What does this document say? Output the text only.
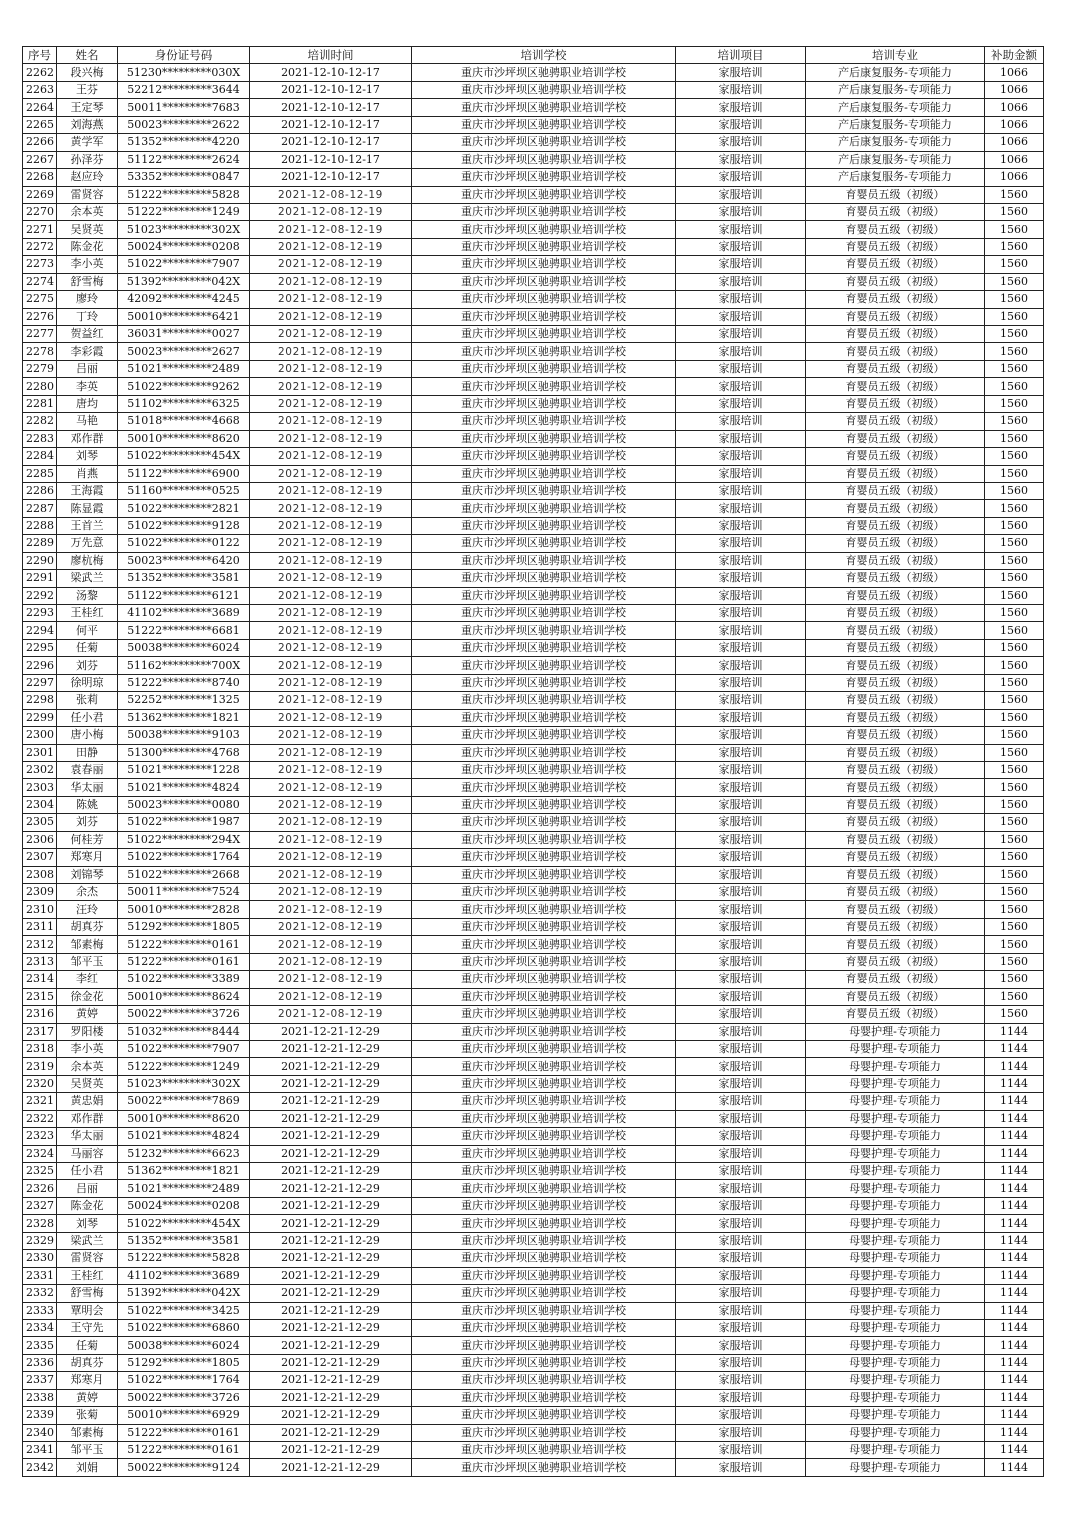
序号	姓名	身份证号码	培训时间	培训学校	培训项目	培训专业	补助金额
2262	段兴梅	51230*********030X	2021-12-10-12-17	重庆市沙坪坝区驰骋职业培训学校	家服培训	产后康复服务-专项能力	1066
2263	王芬	52212*********3644	2021-12-10-12-17	重庆市沙坪坝区驰骋职业培训学校	家服培训	产后康复服务-专项能力	1066
2264	王定琴	50011*********7683	2021-12-10-12-17	重庆市沙坪坝区驰骋职业培训学校	家服培训	产后康复服务-专项能力	1066
2265	刘海燕	50023*********2622	2021-12-10-12-17	重庆市沙坪坝区驰骋职业培训学校	家服培训	产后康复服务-专项能力	1066
2266	黄学军	51352*********4220	2021-12-10-12-17	重庆市沙坪坝区驰骋职业培训学校	家服培训	产后康复服务-专项能力	1066
2267	孙泽芬	51122*********2624	2021-12-10-12-17	重庆市沙坪坝区驰骋职业培训学校	家服培训	产后康复服务-专项能力	1066
2268	赵应玲	53352*********0847	2021-12-10-12-17	重庆市沙坪坝区驰骋职业培训学校	家服培训	产后康复服务-专项能力	1066
2269	雷贤容	51222*********5828	2021-12-08-12-19	重庆市沙坪坝区驰骋职业培训学校	家服培训	育婴员五级（初级）	1560
2270	余本英	51222*********1249	2021-12-08-12-19	重庆市沙坪坝区驰骋职业培训学校	家服培训	育婴员五级（初级）	1560
2271	吴贤英	51023*********302X	2021-12-08-12-19	重庆市沙坪坝区驰骋职业培训学校	家服培训	育婴员五级（初级）	1560
2272	陈金花	50024*********0208	2021-12-08-12-19	重庆市沙坪坝区驰骋职业培训学校	家服培训	育婴员五级（初级）	1560
2273	李小英	51022*********7907	2021-12-08-12-19	重庆市沙坪坝区驰骋职业培训学校	家服培训	育婴员五级（初级）	1560
2274	舒雪梅	51392*********042X	2021-12-08-12-19	重庆市沙坪坝区驰骋职业培训学校	家服培训	育婴员五级（初级）	1560
2275	廖玲	42092*********4245	2021-12-08-12-19	重庆市沙坪坝区驰骋职业培训学校	家服培训	育婴员五级（初级）	1560
2276	丁玲	50010*********6421	2021-12-08-12-19	重庆市沙坪坝区驰骋职业培训学校	家服培训	育婴员五级（初级）	1560
2277	贺益红	36031*********0027	2021-12-08-12-19	重庆市沙坪坝区驰骋职业培训学校	家服培训	育婴员五级（初级）	1560
2278	李彩霞	50023*********2627	2021-12-08-12-19	重庆市沙坪坝区驰骋职业培训学校	家服培训	育婴员五级（初级）	1560
2279	吕丽	51021*********2489	2021-12-08-12-19	重庆市沙坪坝区驰骋职业培训学校	家服培训	育婴员五级（初级）	1560
2280	李英	51022*********9262	2021-12-08-12-19	重庆市沙坪坝区驰骋职业培训学校	家服培训	育婴员五级（初级）	1560
2281	唐均	51102*********6325	2021-12-08-12-19	重庆市沙坪坝区驰骋职业培训学校	家服培训	育婴员五级（初级）	1560
2282	马艳	51018*********4668	2021-12-08-12-19	重庆市沙坪坝区驰骋职业培训学校	家服培训	育婴员五级（初级）	1560
2283	邓作群	50010*********8620	2021-12-08-12-19	重庆市沙坪坝区驰骋职业培训学校	家服培训	育婴员五级（初级）	1560
2284	刘琴	51022*********454X	2021-12-08-12-19	重庆市沙坪坝区驰骋职业培训学校	家服培训	育婴员五级（初级）	1560
2285	肖燕	51122*********6900	2021-12-08-12-19	重庆市沙坪坝区驰骋职业培训学校	家服培训	育婴员五级（初级）	1560
2286	王海霞	51160*********0525	2021-12-08-12-19	重庆市沙坪坝区驰骋职业培训学校	家服培训	育婴员五级（初级）	1560
2287	陈显霞	51022*********2821	2021-12-08-12-19	重庆市沙坪坝区驰骋职业培训学校	家服培训	育婴员五级（初级）	1560
2288	王首兰	51022*********9128	2021-12-08-12-19	重庆市沙坪坝区驰骋职业培训学校	家服培训	育婴员五级（初级）	1560
2289	万先意	51022*********0122	2021-12-08-12-19	重庆市沙坪坝区驰骋职业培训学校	家服培训	育婴员五级（初级）	1560
2290	廖杭梅	50023*********6420	2021-12-08-12-19	重庆市沙坪坝区驰骋职业培训学校	家服培训	育婴员五级（初级）	1560
2291	梁武兰	51352*********3581	2021-12-08-12-19	重庆市沙坪坝区驰骋职业培训学校	家服培训	育婴员五级（初级）	1560
2292	汤黎	51122*********6121	2021-12-08-12-19	重庆市沙坪坝区驰骋职业培训学校	家服培训	育婴员五级（初级）	1560
2293	王桂红	41102*********3689	2021-12-08-12-19	重庆市沙坪坝区驰骋职业培训学校	家服培训	育婴员五级（初级）	1560
2294	何平	51222*********6681	2021-12-08-12-19	重庆市沙坪坝区驰骋职业培训学校	家服培训	育婴员五级（初级）	1560
2295	任菊	50038*********6024	2021-12-08-12-19	重庆市沙坪坝区驰骋职业培训学校	家服培训	育婴员五级（初级）	1560
2296	刘芬	51162*********700X	2021-12-08-12-19	重庆市沙坪坝区驰骋职业培训学校	家服培训	育婴员五级（初级）	1560
2297	徐明琼	51222*********8740	2021-12-08-12-19	重庆市沙坪坝区驰骋职业培训学校	家服培训	育婴员五级（初级）	1560
2298	张莉	52252*********1325	2021-12-08-12-19	重庆市沙坪坝区驰骋职业培训学校	家服培训	育婴员五级（初级）	1560
2299	任小君	51362*********1821	2021-12-08-12-19	重庆市沙坪坝区驰骋职业培训学校	家服培训	育婴员五级（初级）	1560
2300	唐小梅	50038*********9103	2021-12-08-12-19	重庆市沙坪坝区驰骋职业培训学校	家服培训	育婴员五级（初级）	1560
2301	田静	51300*********4768	2021-12-08-12-19	重庆市沙坪坝区驰骋职业培训学校	家服培训	育婴员五级（初级）	1560
2302	袁春丽	51021*********1228	2021-12-08-12-19	重庆市沙坪坝区驰骋职业培训学校	家服培训	育婴员五级（初级）	1560
2303	华太丽	51021*********4824	2021-12-08-12-19	重庆市沙坪坝区驰骋职业培训学校	家服培训	育婴员五级（初级）	1560
2304	陈姚	50023*********0080	2021-12-08-12-19	重庆市沙坪坝区驰骋职业培训学校	家服培训	育婴员五级（初级）	1560
2305	刘芬	51022*********1987	2021-12-08-12-19	重庆市沙坪坝区驰骋职业培训学校	家服培训	育婴员五级（初级）	1560
2306	何桂芳	51022*********294X	2021-12-08-12-19	重庆市沙坪坝区驰骋职业培训学校	家服培训	育婴员五级（初级）	1560
2307	郑寒月	51022*********1764	2021-12-08-12-19	重庆市沙坪坝区驰骋职业培训学校	家服培训	育婴员五级（初级）	1560
2308	刘锦琴	51022*********2668	2021-12-08-12-19	重庆市沙坪坝区驰骋职业培训学校	家服培训	育婴员五级（初级）	1560
2309	余杰	50011*********7524	2021-12-08-12-19	重庆市沙坪坝区驰骋职业培训学校	家服培训	育婴员五级（初级）	1560
2310	汪玲	50010*********2828	2021-12-08-12-19	重庆市沙坪坝区驰骋职业培训学校	家服培训	育婴员五级（初级）	1560
2311	胡真芬	51292*********1805	2021-12-08-12-19	重庆市沙坪坝区驰骋职业培训学校	家服培训	育婴员五级（初级）	1560
2312	邹素梅	51222*********0161	2021-12-08-12-19	重庆市沙坪坝区驰骋职业培训学校	家服培训	育婴员五级（初级）	1560
2313	邹平玉	51222*********0161	2021-12-08-12-19	重庆市沙坪坝区驰骋职业培训学校	家服培训	育婴员五级（初级）	1560
2314	李红	51022*********3389	2021-12-08-12-19	重庆市沙坪坝区驰骋职业培训学校	家服培训	育婴员五级（初级）	1560
2315	徐金花	50010*********8624	2021-12-08-12-19	重庆市沙坪坝区驰骋职业培训学校	家服培训	育婴员五级（初级）	1560
2316	黄婷	50022*********3726	2021-12-08-12-19	重庆市沙坪坝区驰骋职业培训学校	家服培训	育婴员五级（初级）	1560
2317	罗阳楼	51032*********8444	2021-12-21-12-29	重庆市沙坪坝区驰骋职业培训学校	家服培训	母婴护理-专项能力	1144
2318	李小英	51022*********7907	2021-12-21-12-29	重庆市沙坪坝区驰骋职业培训学校	家服培训	母婴护理-专项能力	1144
2319	余本英	51222*********1249	2021-12-21-12-29	重庆市沙坪坝区驰骋职业培训学校	家服培训	母婴护理-专项能力	1144
2320	吴贤英	51023*********302X	2021-12-21-12-29	重庆市沙坪坝区驰骋职业培训学校	家服培训	母婴护理-专项能力	1144
2321	黄忠娟	50022*********7869	2021-12-21-12-29	重庆市沙坪坝区驰骋职业培训学校	家服培训	母婴护理-专项能力	1144
2322	邓作群	50010*********8620	2021-12-21-12-29	重庆市沙坪坝区驰骋职业培训学校	家服培训	母婴护理-专项能力	1144
2323	华太丽	51021*********4824	2021-12-21-12-29	重庆市沙坪坝区驰骋职业培训学校	家服培训	母婴护理-专项能力	1144
2324	马丽容	51232*********6623	2021-12-21-12-29	重庆市沙坪坝区驰骋职业培训学校	家服培训	母婴护理-专项能力	1144
2325	任小君	51362*********1821	2021-12-21-12-29	重庆市沙坪坝区驰骋职业培训学校	家服培训	母婴护理-专项能力	1144
2326	吕丽	51021*********2489	2021-12-21-12-29	重庆市沙坪坝区驰骋职业培训学校	家服培训	母婴护理-专项能力	1144
2327	陈金花	50024*********0208	2021-12-21-12-29	重庆市沙坪坝区驰骋职业培训学校	家服培训	母婴护理-专项能力	1144
2328	刘琴	51022*********454X	2021-12-21-12-29	重庆市沙坪坝区驰骋职业培训学校	家服培训	母婴护理-专项能力	1144
2329	梁武兰	51352*********3581	2021-12-21-12-29	重庆市沙坪坝区驰骋职业培训学校	家服培训	母婴护理-专项能力	1144
2330	雷贤容	51222*********5828	2021-12-21-12-29	重庆市沙坪坝区驰骋职业培训学校	家服培训	母婴护理-专项能力	1144
2331	王桂红	41102*********3689	2021-12-21-12-29	重庆市沙坪坝区驰骋职业培训学校	家服培训	母婴护理-专项能力	1144
2332	舒雪梅	51392*********042X	2021-12-21-12-29	重庆市沙坪坝区驰骋职业培训学校	家服培训	母婴护理-专项能力	1144
2333	覃明会	51022*********3425	2021-12-21-12-29	重庆市沙坪坝区驰骋职业培训学校	家服培训	母婴护理-专项能力	1144
2334	王守先	51022*********6860	2021-12-21-12-29	重庆市沙坪坝区驰骋职业培训学校	家服培训	母婴护理-专项能力	1144
2335	任菊	50038*********6024	2021-12-21-12-29	重庆市沙坪坝区驰骋职业培训学校	家服培训	母婴护理-专项能力	1144
2336	胡真芬	51292*********1805	2021-12-21-12-29	重庆市沙坪坝区驰骋职业培训学校	家服培训	母婴护理-专项能力	1144
2337	郑寒月	51022*********1764	2021-12-21-12-29	重庆市沙坪坝区驰骋职业培训学校	家服培训	母婴护理-专项能力	1144
2338	黄婷	50022*********3726	2021-12-21-12-29	重庆市沙坪坝区驰骋职业培训学校	家服培训	母婴护理-专项能力	1144
2339	张菊	50010*********6929	2021-12-21-12-29	重庆市沙坪坝区驰骋职业培训学校	家服培训	母婴护理-专项能力	1144
2340	邹素梅	51222*********0161	2021-12-21-12-29	重庆市沙坪坝区驰骋职业培训学校	家服培训	母婴护理-专项能力	1144
2341	邹平玉	51222*********0161	2021-12-21-12-29	重庆市沙坪坝区驰骋职业培训学校	家服培训	母婴护理-专项能力	1144
2342	刘娟	50022*********9124	2021-12-21-12-29	重庆市沙坪坝区驰骋职业培训学校	家服培训	母婴护理-专项能力	1144
